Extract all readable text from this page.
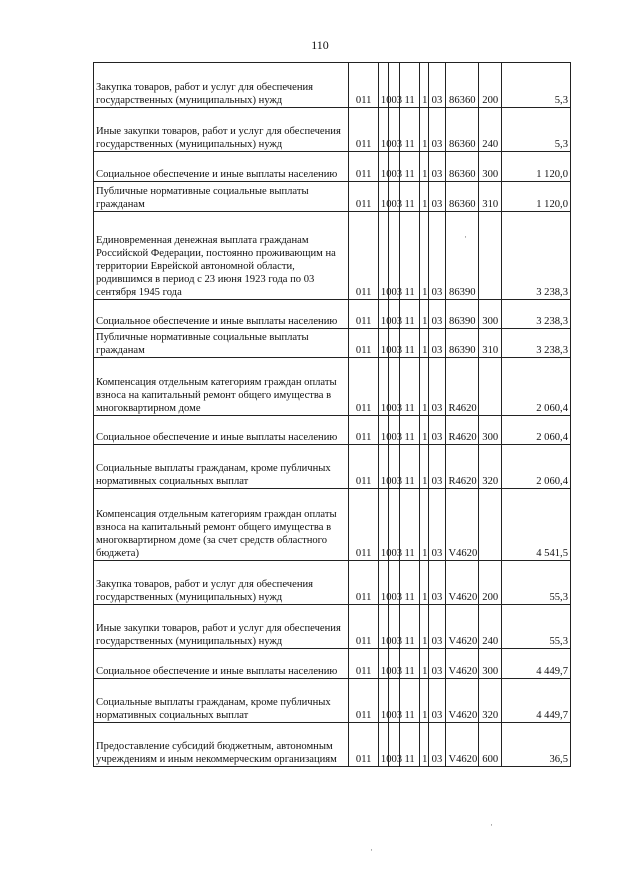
110
Закупка товаров, работ и услуг для обеспечения государственных (муниципальных) нужд	011	10	03	11	1	03	86360	200	5,3
Иные закупки товаров, работ и услуг для обеспечения государственных (муниципальных) нужд	011	10	03	11	1	03	86360	240	5,3
Социальное обеспечение и иные выплаты населению	011	10	03	11	1	03	86360	300	1 120,0
Публичные нормативные социальные выплаты гражданам	011	10	03	11	1	03	86360	310	1 120,0
Единовременная денежная выплата гражданам Российской Федерации, постоянно проживающим на территории Еврейской автономной области, родившимся в период с 23 июня 1923 года по 03 сентября 1945 года	011	10	03	11	1	03	86390		3 238,3
Социальное обеспечение и иные выплаты населению	011	10	03	11	1	03	86390	300	3 238,3
Публичные нормативные социальные выплаты гражданам	011	10	03	11	1	03	86390	310	3 238,3
Компенсация отдельным категориям граждан оплаты взноса на капитальный ремонт общего имущества в многоквартирном доме	011	10	03	11	1	03	R4620		2 060,4
Социальное обеспечение и иные выплаты населению	011	10	03	11	1	03	R4620	300	2 060,4
Социальные выплаты гражданам, кроме публичных нормативных социальных выплат	011	10	03	11	1	03	R4620	320	2 060,4
Компенсация отдельным категориям граждан оплаты взноса на капитальный ремонт общего имущества в многоквартирном доме (за счет средств областного бюджета)	011	10	03	11	1	03	V4620		4 541,5
Закупка товаров, работ и услуг для обеспечения государственных (муниципальных) нужд	011	10	03	11	1	03	V4620	200	55,3
Иные закупки товаров, работ и услуг для обеспечения государственных (муниципальных) нужд	011	10	03	11	1	03	V4620	240	55,3
Социальное обеспечение и иные выплаты населению	011	10	03	11	1	03	V4620	300	4 449,7
Социальные выплаты гражданам, кроме публичных нормативных социальных выплат	011	10	03	11	1	03	V4620	320	4 449,7
Предоставление субсидий бюджетным, автономным учреждениям и иным некоммерческим организациям	011	10	03	11	1	03	V4620	600	36,5
·
·
·
